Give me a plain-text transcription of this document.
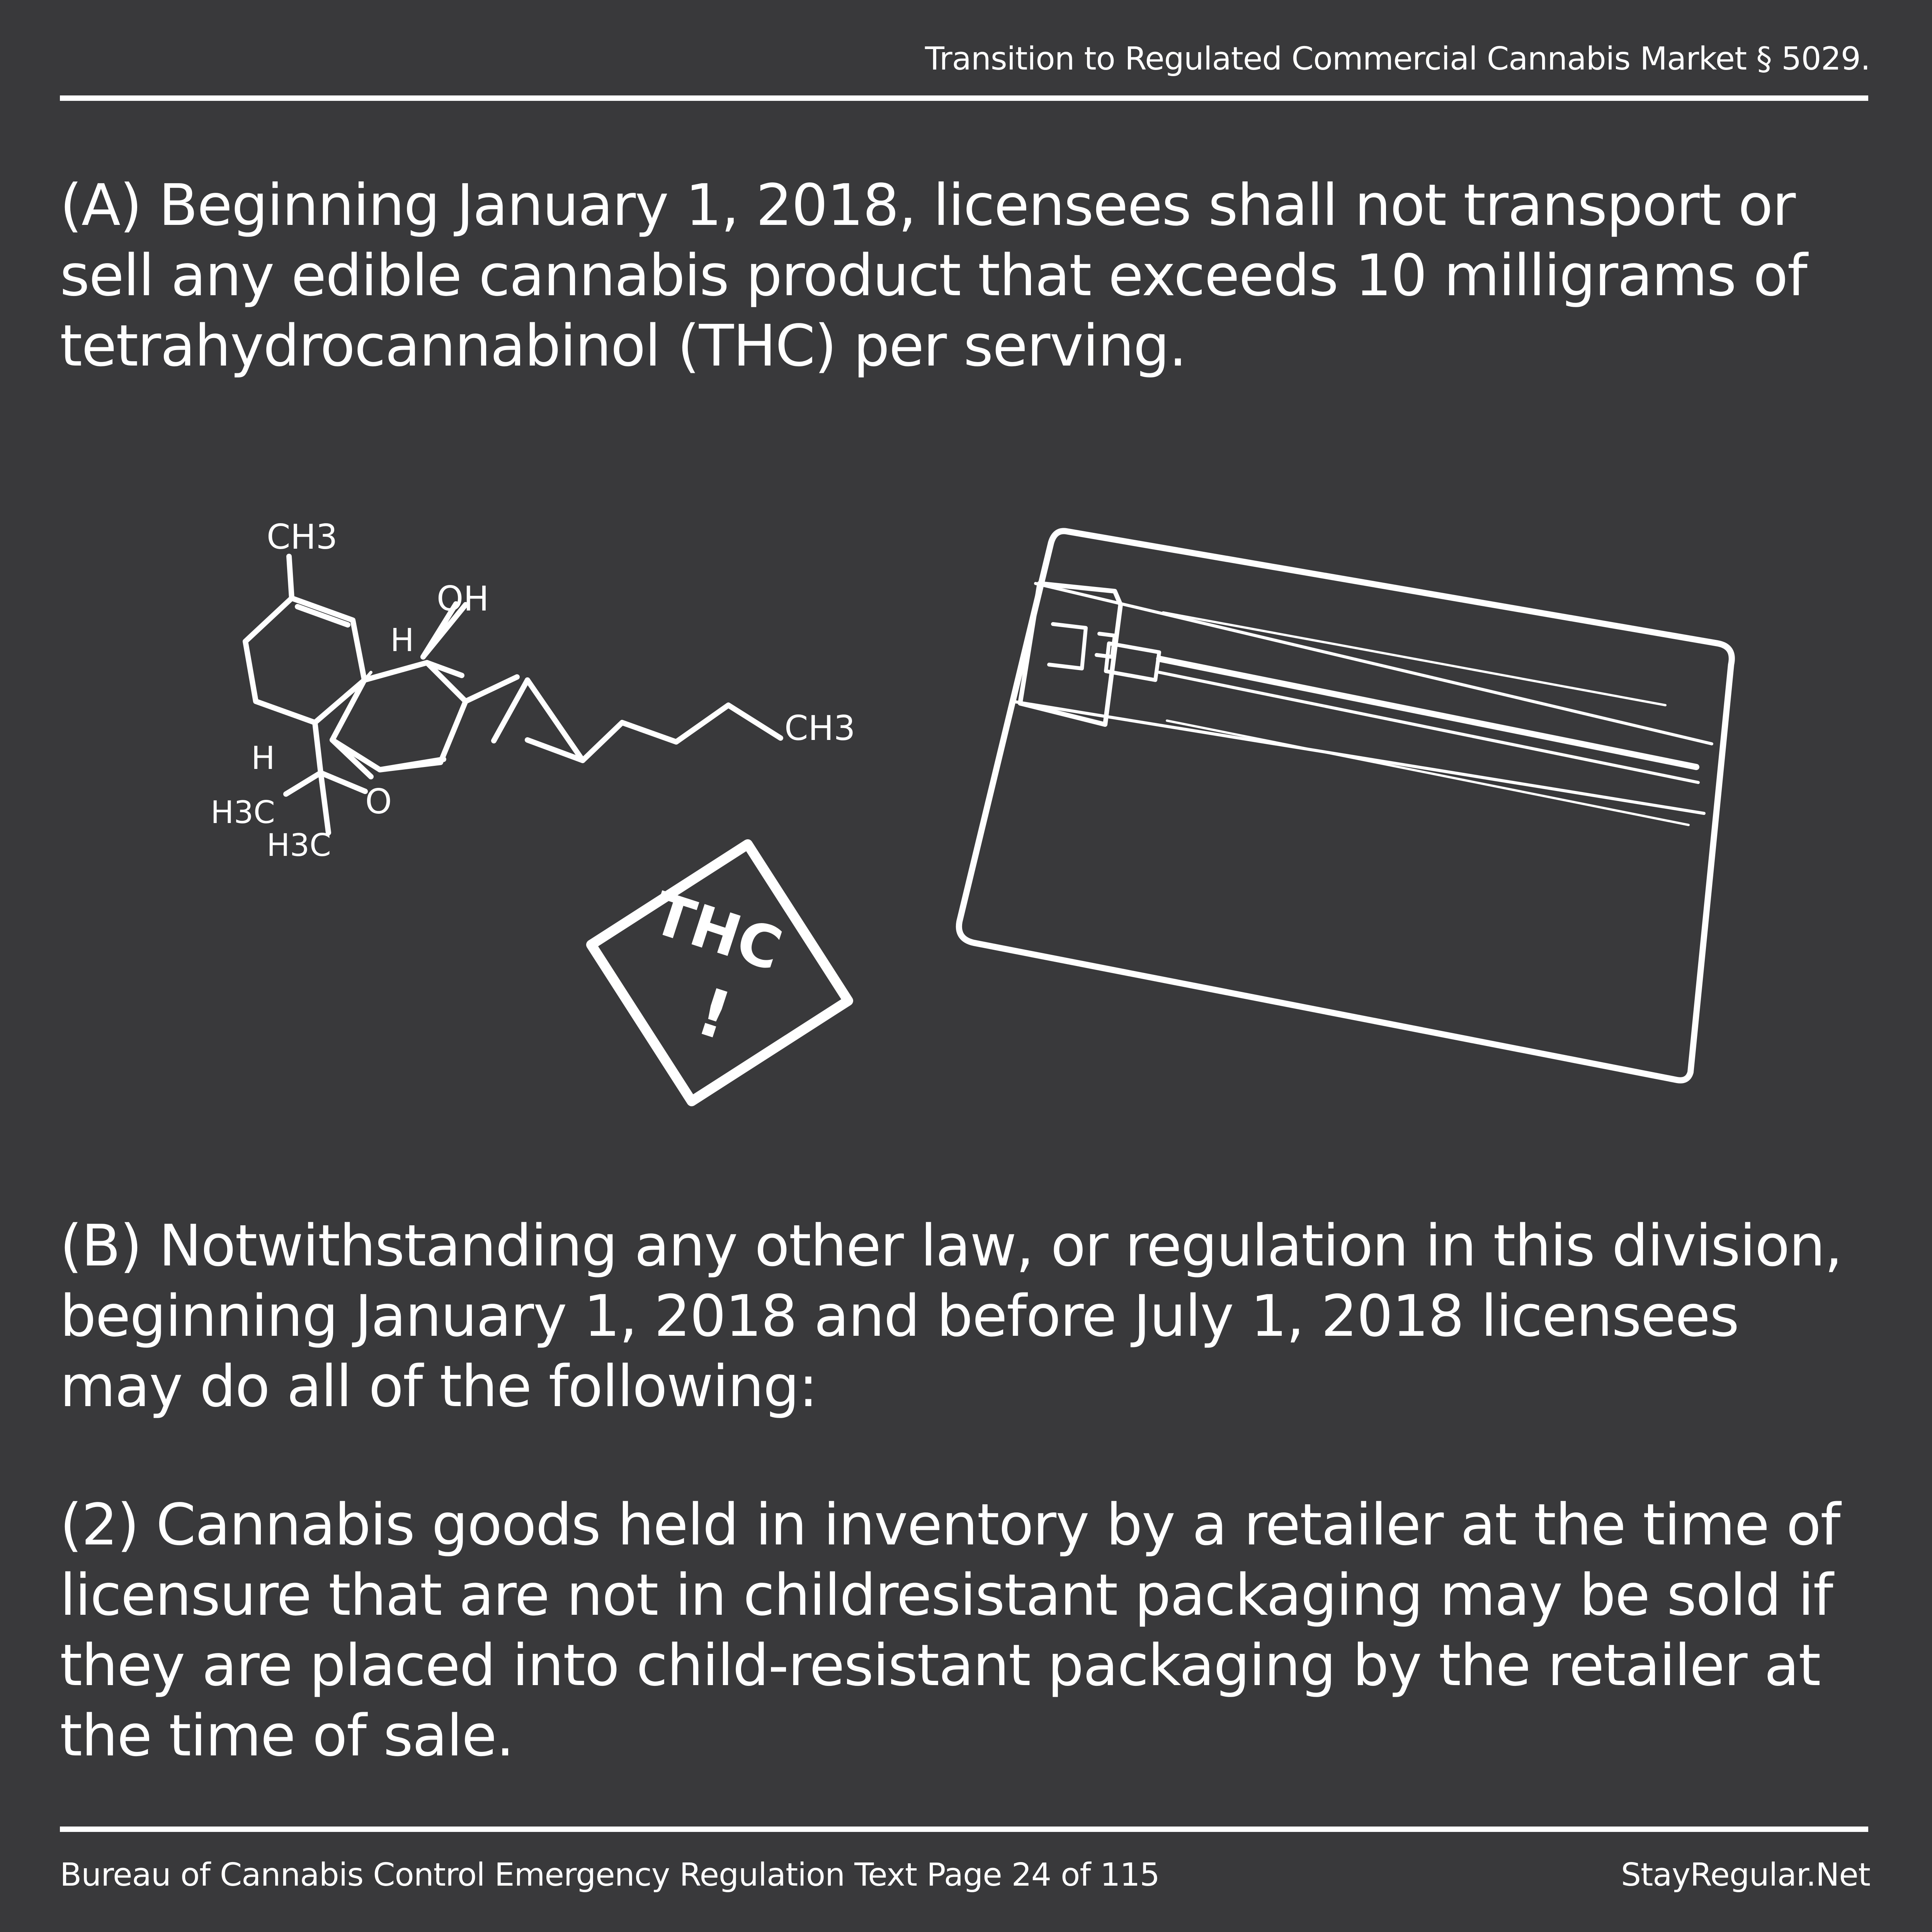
Transition to Regulated Commercial Cannabis Market § 5029.
(A) Beginning January 1, 2018, licensees shall not transport or sell any edible cannabis product that exceeds 10 milligrams of tetrahydrocannabinol (THC) per serving.
CH3
OH
H
H
CH3
H3C
H3C
O
THC
!
(B) Notwithstanding any other law, or regulation in this division, beginning January 1, 2018 and before July 1, 2018 licensees may do all of the following:
(2) Cannabis goods held in inventory by a retailer at the time of licensure that are not in childresistant packaging may be sold if they are placed into child-resistant packaging by the retailer at the time of sale.
Bureau of Cannabis Control Emergency Regulation Text Page 24 of 115	StayRegular.Net
